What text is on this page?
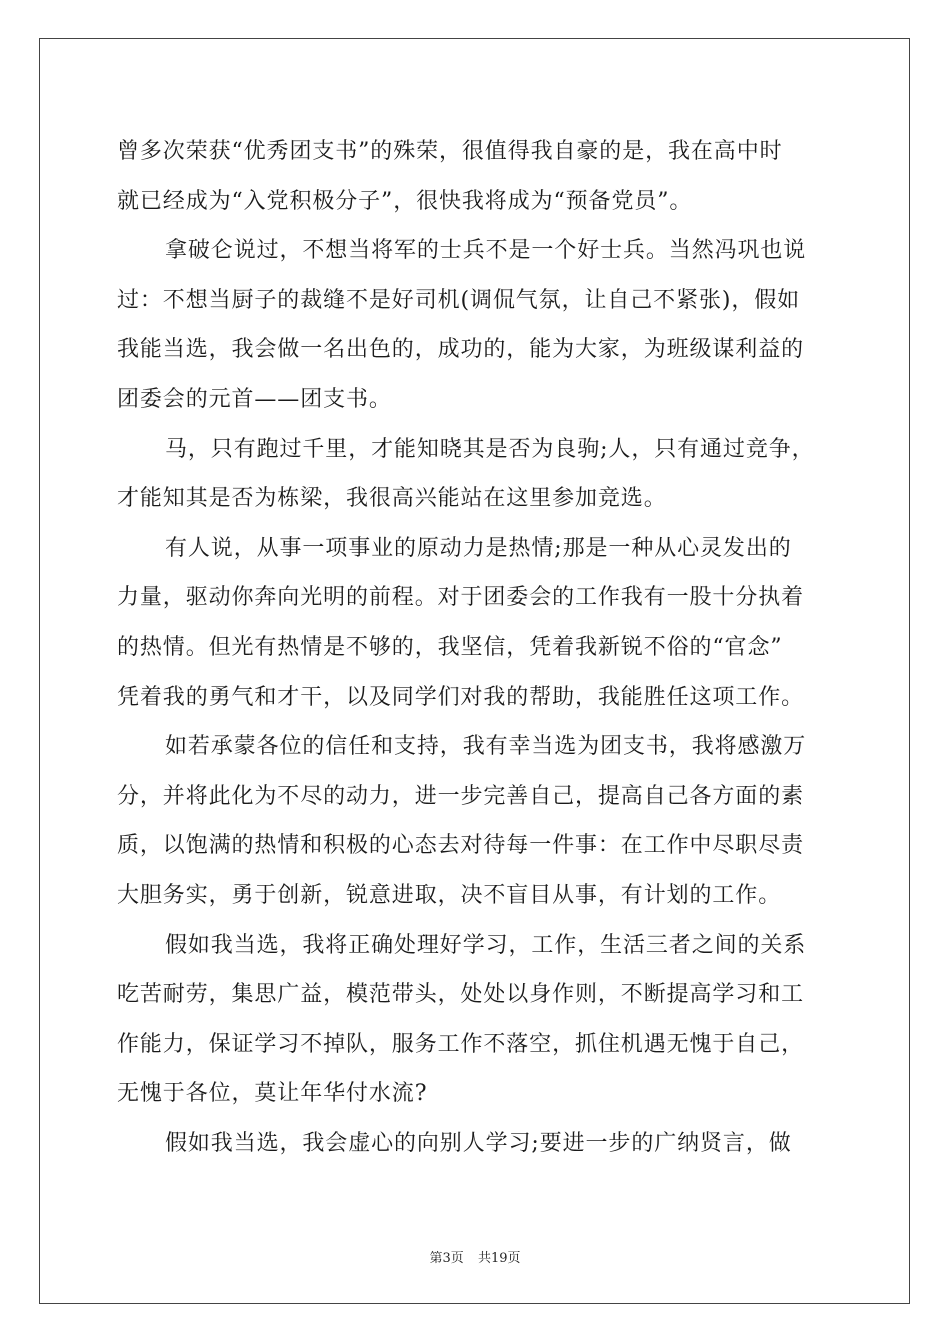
曾多次荣获“优秀团支书”的殊荣，很值得我自豪的是，我在高中时
就已经成为“入党积极分子”，很快我将成为“预备党员”。
拿破仑说过，不想当将军的士兵不是一个好士兵。当然冯巩也说
过：不想当厨子的裁缝不是好司机(调侃气氛，让自己不紧张)，假如
我能当选，我会做一名出色的，成功的，能为大家，为班级谋利益的
团委会的元首——团支书。
马，只有跑过千里，才能知晓其是否为良驹;人，只有通过竞争，
才能知其是否为栋梁，我很高兴能站在这里参加竞选。
有人说，从事一项事业的原动力是热情;那是一种从心灵发出的
力量，驱动你奔向光明的前程。对于团委会的工作我有一股十分执着
的热情。但光有热情是不够的，我坚信，凭着我新锐不俗的“官念”
凭着我的勇气和才干，以及同学们对我的帮助，我能胜任这项工作。
如若承蒙各位的信任和支持，我有幸当选为团支书，我将感激万
分，并将此化为不尽的动力，进一步完善自己，提高自己各方面的素
质，以饱满的热情和积极的心态去对待每一件事：在工作中尽职尽责
大胆务实，勇于创新，锐意进取，决不盲目从事，有计划的工作。
假如我当选，我将正确处理好学习，工作，生活三者之间的关系
吃苦耐劳，集思广益，模范带头，处处以身作则，不断提高学习和工
作能力，保证学习不掉队，服务工作不落空，抓住机遇无愧于自己，
无愧于各位，莫让年华付水流?
假如我当选，我会虚心的向别人学习;要进一步的广纳贤言，做
第3页 共19页
